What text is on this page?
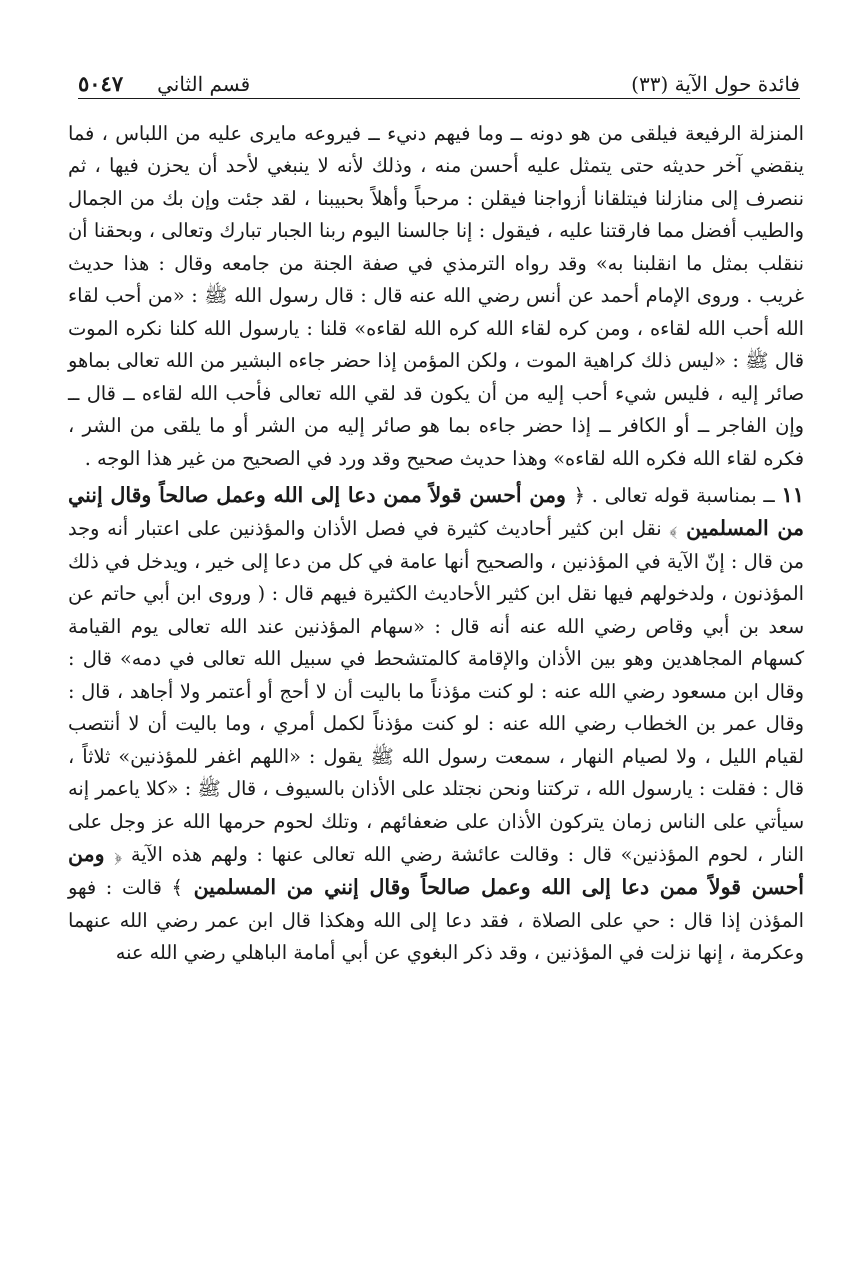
فائدة حول الآية (٣٣)
قسم الثاني
٥٠٤٧

المنزلة الرفيعة فيلقى من هو دونه ــ وما فيهم دنيء ــ فيروعه مايرى عليه من اللباس ، فما ينقضي آخر حديثه حتى يتمثل عليه أحسن منه ، وذلك لأنه لا ينبغي لأحد أن يحزن فيها ، ثم ننصرف إلى منازلنا فيتلقانا أزواجنا فيقلن : مرحباً وأهلاً بحبيبنا ، لقد جئت وإن بك من الجمال والطيب أفضل مما فارقتنا عليه ، فيقول : إنا جالسنا اليوم ربنا الجبار تبارك وتعالى ، وبحقنا أن ننقلب بمثل ما انقلبنا به» وقد رواه الترمذي في صفة الجنة من جامعه وقال : هذا حديث غريب . وروى الإمام أحمد عن أنس رضي الله عنه قال : قال رسول الله ﷺ : «من أحب لقاء الله أحب الله لقاءه ، ومن كره لقاء الله كره الله لقاءه» قلنا : يارسول الله كلنا نكره الموت قال ﷺ : «ليس ذلك كراهية الموت ، ولكن المؤمن إذا حضر جاءه البشير من الله تعالى بماهو صائر إليه ، فليس شيء أحب إليه من أن يكون قد لقي الله تعالى فأحب الله لقاءه ــ قال ــ وإن الفاجر ــ أو الكافر ــ إذا حضر جاءه بما هو صائر إليه من الشر أو ما يلقى من الشر ، فكره لقاء الله فكره الله لقاءه» وهذا حديث صحيح وقد ورد في الصحيح من غير هذا الوجه .

١١ ــ بمناسبة قوله تعالى . ﴿ ومن أحسن قولاً ممن دعا إلى الله وعمل صالحاً وقال إنني من المسلمين ﴾ نقل ابن كثير أحاديث كثيرة في فصل الأذان والمؤذنين على اعتبار أنه وجد من قال : إنّ الآية في المؤذنين ، والصحيح أنها عامة في كل من دعا إلى خير ، ويدخل في ذلك المؤذنون ، ولدخولهم فيها نقل ابن كثير الأحاديث الكثيرة فيهم قال : ( وروى ابن أبي حاتم عن سعد بن أبي وقاص رضي الله عنه أنه قال : «سهام المؤذنين عند الله تعالى يوم القيامة كسهام المجاهدين وهو بين الأذان والإقامة كالمتشحط في سبيل الله تعالى في دمه» قال : وقال ابن مسعود رضي الله عنه : لو كنت مؤذناً ما باليت أن لا أحج أو أعتمر ولا أجاهد ، قال : وقال عمر بن الخطاب رضي الله عنه : لو كنت مؤذناً لكمل أمري ، وما باليت أن لا أنتصب لقيام الليل ، ولا لصيام النهار ، سمعت رسول الله ﷺ يقول : «اللهم اغفر للمؤذنين» ثلاثاً ، قال : فقلت : يارسول الله ، تركتنا ونحن نجتلد على الأذان بالسيوف ، قال ﷺ : «كلا ياعمر إنه سيأتي على الناس زمان يتركون الأذان على ضعفائهم ، وتلك لحوم حرمها الله عز وجل على النار ، لحوم المؤذنين» قال : وقالت عائشة رضي الله تعالى عنها : ولهم هذه الآية ﴿ ومن أحسن قولاً ممن دعا إلى الله وعمل صالحاً وقال إنني من المسلمين ﴾ قالت : فهو المؤذن إذا قال : حي على الصلاة ، فقد دعا إلى الله وهكذا قال ابن عمر رضي الله عنهما وعكرمة ، إنها نزلت في المؤذنين ، وقد ذكر البغوي عن أبي أمامة الباهلي رضي الله عنه
